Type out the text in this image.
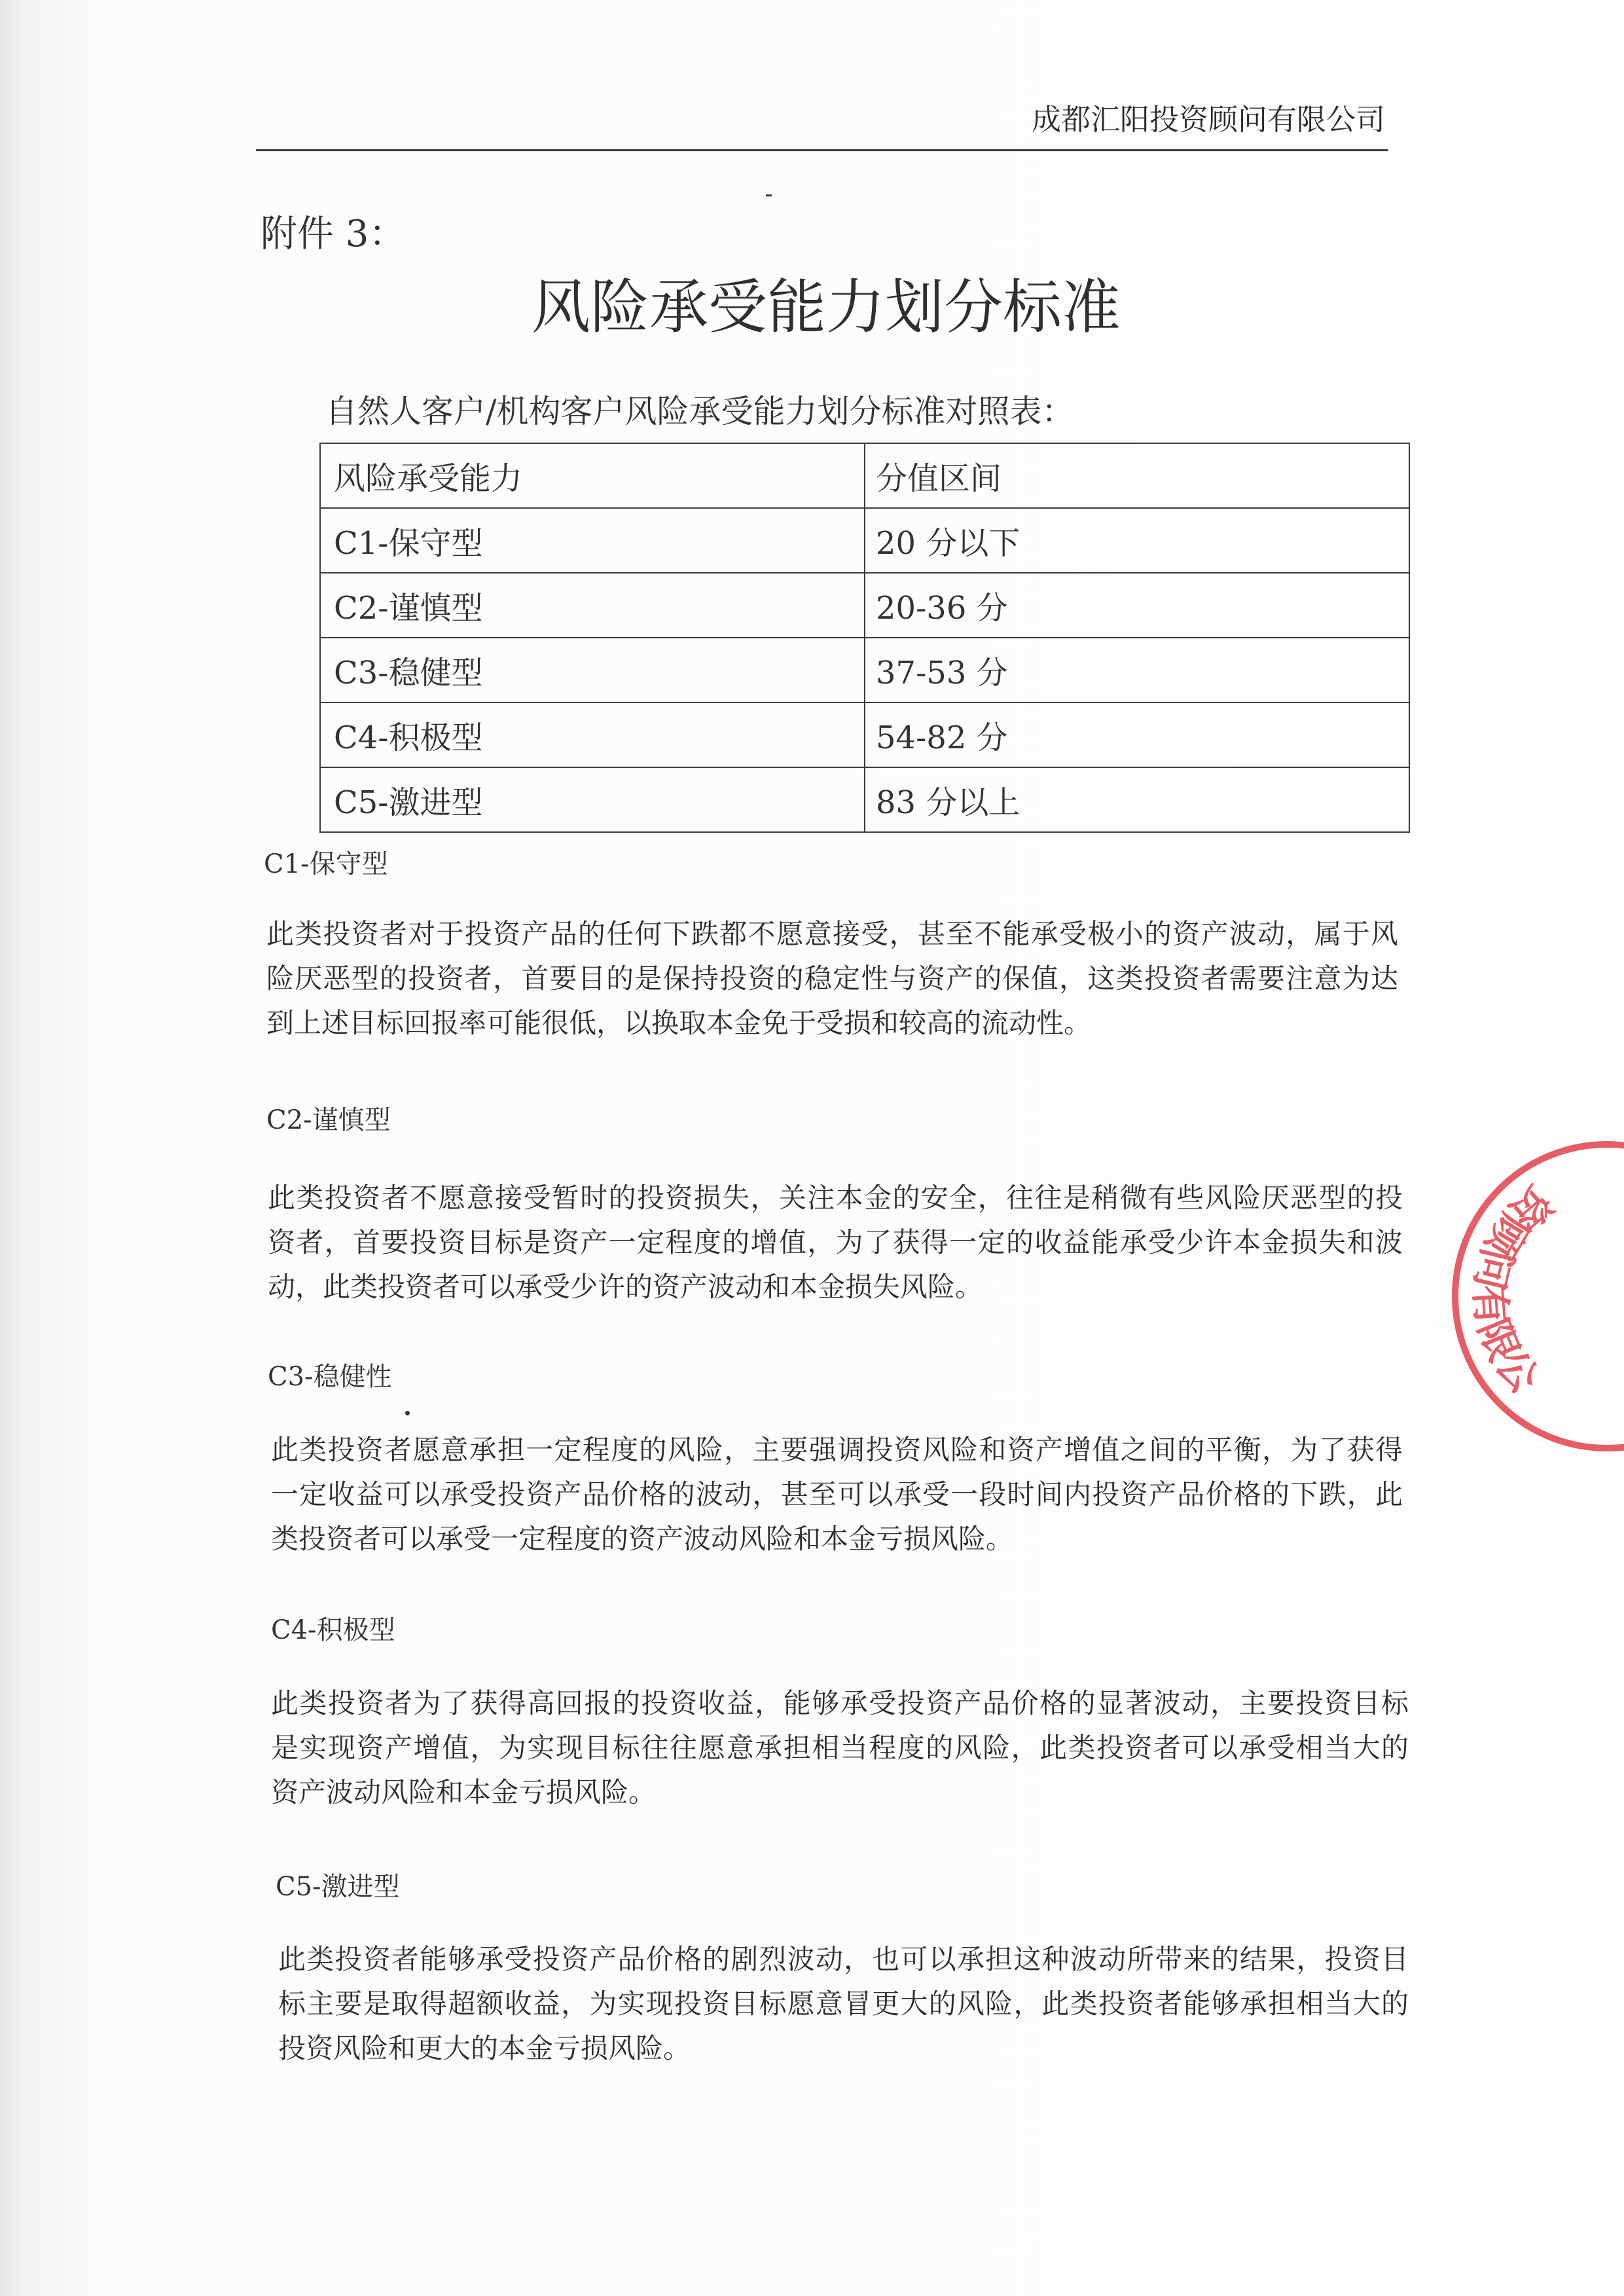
成都汇阳投资顾问有限公司
附件 3：
风险承受能力划分标准
自然人客户/机构客户风险承受能力划分标准对照表：
风险承受能力	分值区间
C1-保守型	20 分以下
C2-谨慎型	20-36 分
C3-稳健型	37-53 分
C4-积极型	54-82 分
C5-激进型	83 分以上
C1-保守型
此类投资者对于投资产品的任何下跌都不愿意接受，甚至不能承受极小的资产波动，属于风
险厌恶型的投资者，首要目的是保持投资的稳定性与资产的保值，这类投资者需要注意为达
到上述目标回报率可能很低，以换取本金免于受损和较高的流动性。
C2-谨慎型
此类投资者不愿意接受暂时的投资损失，关注本金的安全，往往是稍微有些风险厌恶型的投
资者，首要投资目标是资产一定程度的增值，为了获得一定的收益能承受少许本金损失和波
动，此类投资者可以承受少许的资产波动和本金损失风险。
C3-稳健性
此类投资者愿意承担一定程度的风险，主要强调投资风险和资产增值之间的平衡，为了获得
一定收益可以承受投资产品价格的波动，甚至可以承受一段时间内投资产品价格的下跌，此
类投资者可以承受一定程度的资产波动风险和本金亏损风险。
C4-积极型
此类投资者为了获得高回报的投资收益，能够承受投资产品价格的显著波动，主要投资目标
是实现资产增值，为实现目标往往愿意承担相当程度的风险，此类投资者可以承受相当大的
资产波动风险和本金亏损风险。
C5-激进型
此类投资者能够承受投资产品价格的剧烈波动，也可以承担这种波动所带来的结果，投资目
标主要是取得超额收益，为实现投资目标愿意冒更大的风险，此类投资者能够承担相当大的
投资风险和更大的本金亏损风险。
资顾问有限公
